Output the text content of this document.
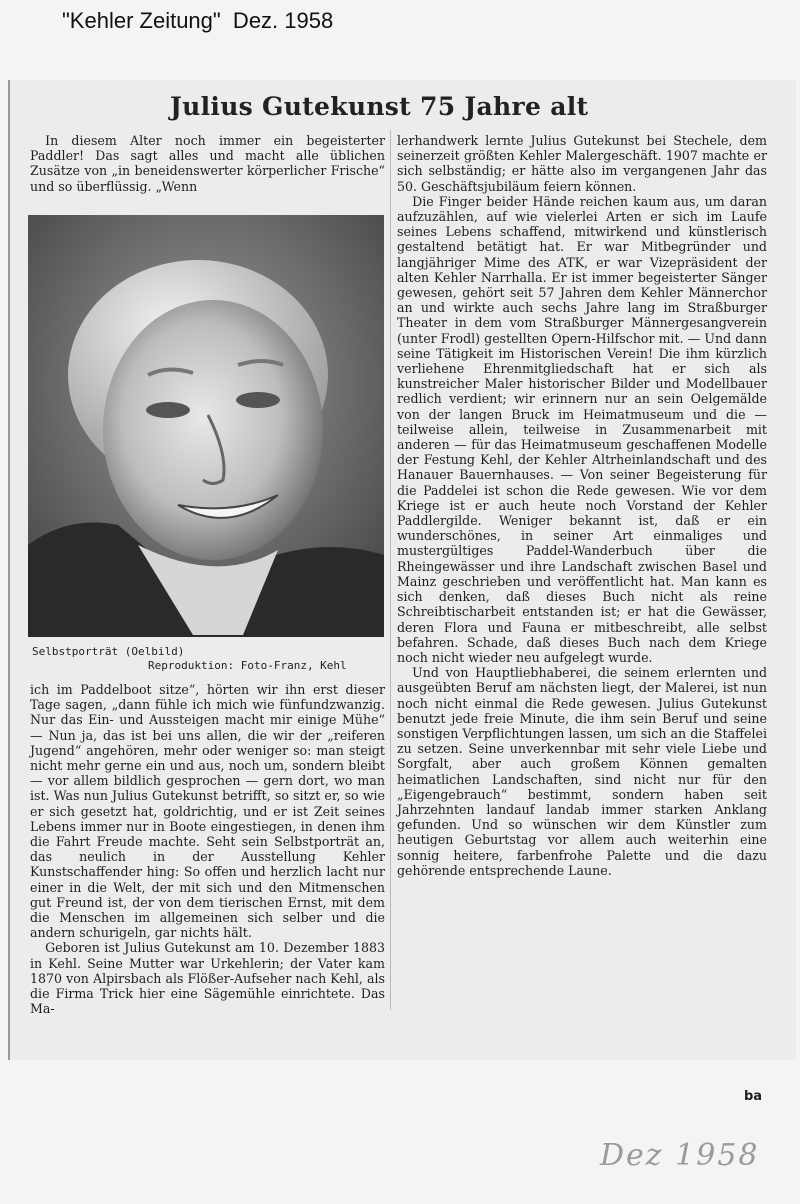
"Kehler Zeitung"  Dez. 1958
Julius Gutekunst 75 Jahre alt

In diesem Alter noch immer ein begeisterter Paddler! Das sagt alles und macht alle üblichen Zusätze von „in beneidenswerter körperlicher Frische“ und so überflüssig. „Wenn

Selbstporträt (Oelbild)
Reproduktion: Foto-Franz, Kehl

ich im Paddelboot sitze“, hörten wir ihn erst dieser Tage sagen, „dann fühle ich mich wie fünfundzwanzig. Nur das Ein- und Aussteigen macht mir einige Mühe“ — Nun ja, das ist bei uns allen, die wir der „reiferen Jugend“ angehören, mehr oder weniger so: man steigt nicht mehr gerne ein und aus, noch um, sondern bleibt — vor allem bildlich gesprochen — gern dort, wo man ist. Was nun Julius Gutekunst betrifft, so sitzt er, so wie er sich gesetzt hat, goldrichtig, und er ist Zeit seines Lebens immer nur in Boote eingestiegen, in denen ihm die Fahrt Freude machte. Seht sein Selbstporträt an, das neulich in der Ausstellung Kehler Kunstschaffender hing: So offen und herzlich lacht nur einer in die Welt, der mit sich und den Mitmenschen gut Freund ist, der von dem tierischen Ernst, mit dem die Menschen im allgemeinen sich selber und die andern schurigeln, gar nichts hält.

Geboren ist Julius Gutekunst am 10. Dezember 1883 in Kehl. Seine Mutter war Urkehlerin; der Vater kam 1870 von Alpirsbach als Flößer-Aufseher nach Kehl, als die Firma Trick hier eine Sägemühle einrichtete. Das Ma-

lerhandwerk lernte Julius Gutekunst bei Stechele, dem seinerzeit größten Kehler Malergeschäft. 1907 machte er sich selbständig; er hätte also im vergangenen Jahr das 50. Geschäftsjubiläum feiern können.

Die Finger beider Hände reichen kaum aus, um daran aufzuzählen, auf wie vielerlei Arten er sich im Laufe seines Lebens schaffend, mitwirkend und künstlerisch gestaltend betätigt hat. Er war Mitbegründer und langjähriger Mime des ATK, er war Vizepräsident der alten Kehler Narrhalla. Er ist immer begeisterter Sänger gewesen, gehört seit 57 Jahren dem Kehler Männerchor an und wirkte auch sechs Jahre lang im Straßburger Theater in dem vom Straßburger Männergesangverein (unter Frodl) gestellten Opern-Hilfschor mit. — Und dann seine Tätigkeit im Historischen Verein! Die ihm kürzlich verliehene Ehrenmitgliedschaft hat er sich als kunstreicher Maler historischer Bilder und Modellbauer redlich verdient; wir erinnern nur an sein Oelgemälde von der langen Bruck im Heimatmuseum und die — teilweise allein, teilweise in Zusammenarbeit mit anderen — für das Heimatmuseum geschaffenen Modelle der Festung Kehl, der Kehler Altrheinlandschaft und des Hanauer Bauernhauses. — Von seiner Begeisterung für die Paddelei ist schon die Rede gewesen. Wie vor dem Kriege ist er auch heute noch Vorstand der Kehler Paddlergilde. Weniger bekannt ist, daß er ein wunderschönes, in seiner Art einmaliges und mustergültiges Paddel-Wanderbuch über die Rheingewässer und ihre Landschaft zwischen Basel und Mainz geschrieben und veröffentlicht hat. Man kann es sich denken, daß dieses Buch nicht als reine Schreibtischarbeit entstanden ist; er hat die Gewässer, deren Flora und Fauna er mitbeschreibt, alle selbst befahren. Schade, daß dieses Buch nach dem Kriege noch nicht wieder neu aufgelegt wurde.

Und von Hauptliebhaberei, die seinem erlernten und ausgeübten Beruf am nächsten liegt, der Malerei, ist nun noch nicht einmal die Rede gewesen. Julius Gutekunst benutzt jede freie Minute, die ihm sein Beruf und seine sonstigen Verpflichtungen lassen, um sich an die Staffelei zu setzen. Seine unverkennbar mit sehr viele Liebe und Sorgfalt, aber auch großem Können gemalten heimatlichen Landschaften, sind nicht nur für den „Eigengebrauch“ bestimmt, sondern haben seit Jahrzehnten landauf landab immer starken Anklang gefunden. Und so wünschen wir dem Künstler zum heutigen Geburtstag vor allem auch weiterhin eine sonnig heitere, farbenfrohe Palette und die dazu gehörende entsprechende Laune.

ba
Dez 1958
